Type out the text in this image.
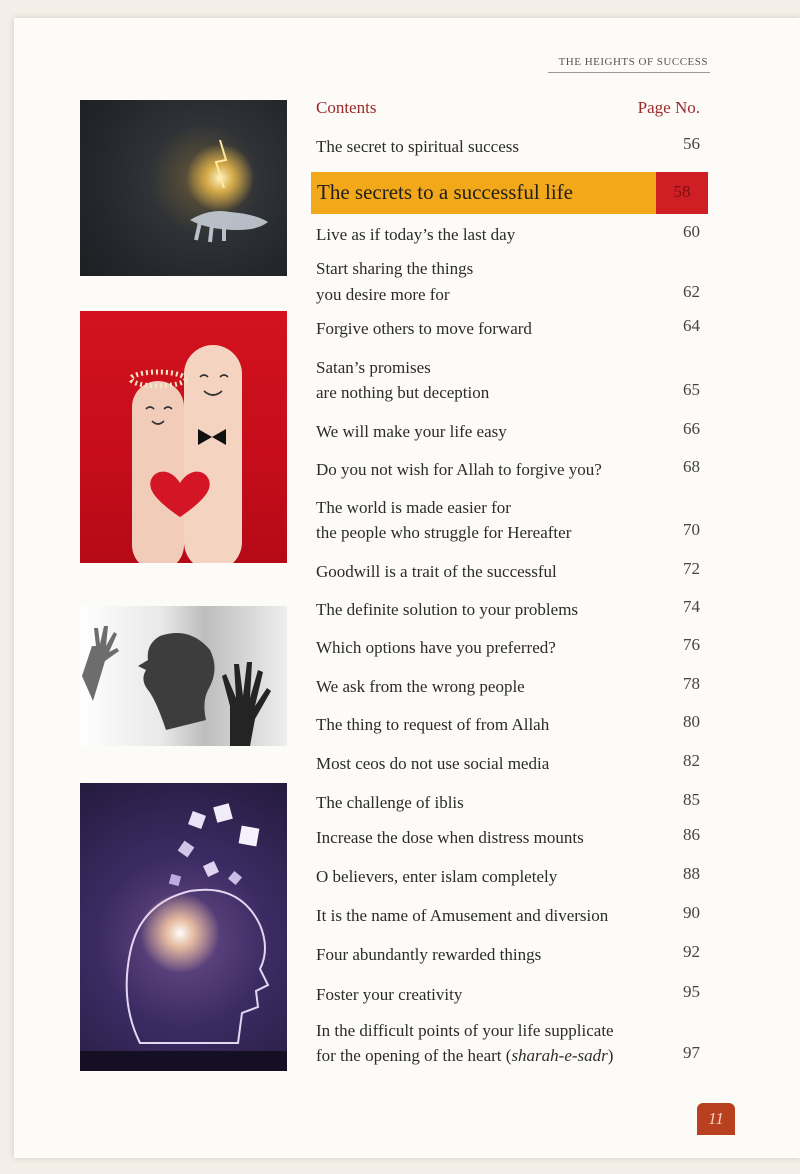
THE HEIGHTS OF SUCCESS
Contents	Page No.
The secret to spiritual success	56
The secrets to a successful life	58
Live as if today’s the last day	60
Start sharing the things
you desire more for	62
Forgive others to move forward	64
Satan’s promises
are nothing but deception	65
We will make your life easy	66
Do you not wish for Allah to forgive you?	68
The world is made easier for
the people who struggle for Hereafter	70
Goodwill is a trait of the successful	72
The definite solution to your problems	74
Which options have you preferred?	76
We ask from the wrong people	78
The thing to request of from Allah	80
Most ceos do not use social media	82
The challenge of iblis	85
Increase the dose when distress mounts	86
O believers, enter islam completely	88
It is the name of Amusement and diversion	90
Four abundantly rewarded things	92
Foster your creativity	95
In the difficult points of your life supplicate
for the opening of the heart (sharah-e-sadr)	97
11
